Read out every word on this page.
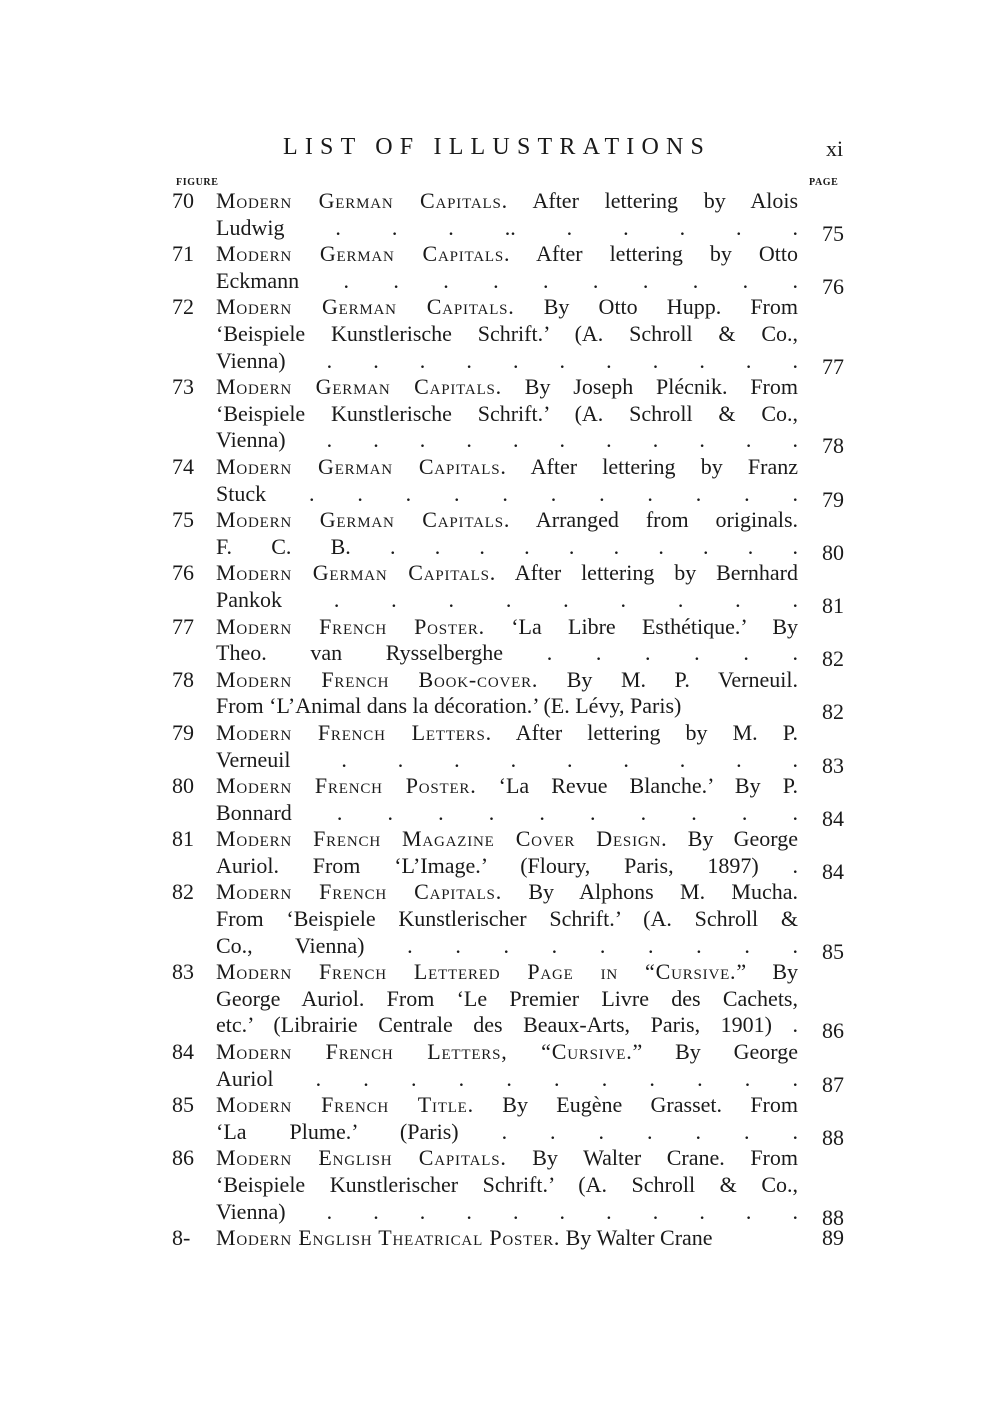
LIST OF ILLUSTRATIONS	xi
FIGURE	PAGE
70	Modern German Capitals. After lettering by Alois
Ludwig . . . .. . . . . . 75
71	Modern German Capitals. After lettering by Otto
Eckmann . . . . . . . . . . 76
72	Modern German Capitals. By Otto Hupp. From
‘Beispiele Kunstlerische Schrift.’ (A. Schroll & Co.,
Vienna) . . . . . . . . . . . 77
73	Modern German Capitals. By Joseph Plécnik. From
‘Beispiele Kunstlerische Schrift.’ (A. Schroll & Co.,
Vienna) . . . . . . . . . . . 78
74	Modern German Capitals. After lettering by Franz
Stuck . . . . . . . . . . . 79
75	Modern German Capitals. Arranged from originals.
F. C. B. . . . . . . . . . . 80
76	Modern German Capitals. After lettering by Bernhard
Pankok . . . . . . . . . 81
77	Modern French Poster. ‘La Libre Esthétique.’ By
Theo. van Rysselberghe . . . . . . 82
78	Modern French Book-cover. By M. P. Verneuil.
From ‘L’Animal dans la décoration.’ (E. Lévy, Paris)	82
79	Modern French Letters. After lettering by M. P.
Verneuil . . . . . . . . . 83
80	Modern French Poster. ‘La Revue Blanche.’ By P.
Bonnard . . . . . . . . . . 84
81	Modern French Magazine Cover Design. By George
Auriol. From ‘L’Image.’ (Floury, Paris, 1897) . 84
82	Modern French Capitals. By Alphons M. Mucha.
From ‘Beispiele Kunstlerischer Schrift.’ (A. Schroll &
Co., Vienna) . . . . . . . . . 85
83	Modern French Lettered Page in “Cursive.” By
George Auriol. From ‘Le Premier Livre des Cachets,
etc.’ (Librairie Centrale des Beaux-Arts, Paris, 1901) . 86
84	Modern French Letters, “Cursive.” By George
Auriol . . . . . . . . . . . 87
85	Modern French Title. By Eugène Grasset. From
‘La Plume.’ (Paris) . . . . . . . 88
86	Modern English Capitals. By Walter Crane. From
‘Beispiele Kunstlerischer Schrift.’ (A. Schroll & Co.,
Vienna) . . . . . . . . . . . 88
8-	Modern English Theatrical Poster. By Walter Crane	89
